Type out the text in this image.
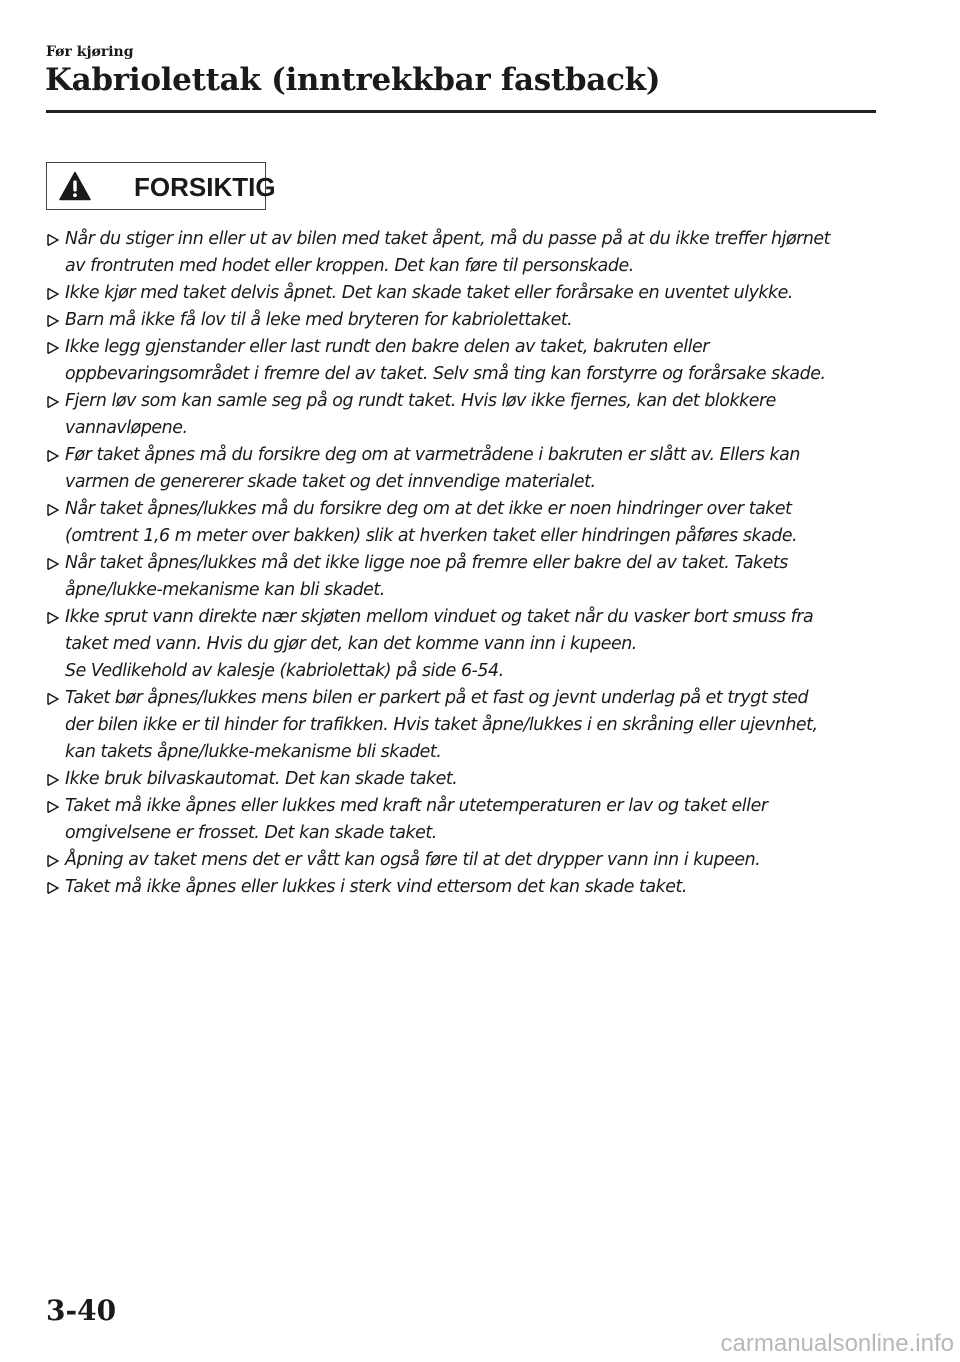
Før kjøring
Kabriolettak (inntrekkbar fastback)
FORSIKTIG
Når du stiger inn eller ut av bilen med taket åpent, må du passe på at du ikke treffer hjørnet
av frontruten med hodet eller kroppen. Det kan føre til personskade.
Ikke kjør med taket delvis åpnet. Det kan skade taket eller forårsake en uventet ulykke.
Barn må ikke få lov til å leke med bryteren for kabriolettaket.
Ikke legg gjenstander eller last rundt den bakre delen av taket, bakruten eller
oppbevaringsområdet i fremre del av taket. Selv små ting kan forstyrre og forårsake skade.
Fjern løv som kan samle seg på og rundt taket. Hvis løv ikke fjernes, kan det blokkere
vannavløpene.
Før taket åpnes må du forsikre deg om at varmetrådene i bakruten er slått av. Ellers kan
varmen de genererer skade taket og det innvendige materialet.
Når taket åpnes/lukkes må du forsikre deg om at det ikke er noen hindringer over taket
(omtrent 1,6 m meter over bakken) slik at hverken taket eller hindringen påføres skade.
Når taket åpnes/lukkes må det ikke ligge noe på fremre eller bakre del av taket. Takets
åpne/lukke-mekanisme kan bli skadet.
Ikke sprut vann direkte nær skjøten mellom vinduet og taket når du vasker bort smuss fra
taket med vann. Hvis du gjør det, kan det komme vann inn i kupeen.
Se Vedlikehold av kalesje (kabriolettak) på side 6-54.
Taket bør åpnes/lukkes mens bilen er parkert på et fast og jevnt underlag på et trygt sted
der bilen ikke er til hinder for trafikken. Hvis taket åpne/lukkes i en skråning eller ujevnhet,
kan takets åpne/lukke-mekanisme bli skadet.
Ikke bruk bilvaskautomat. Det kan skade taket.
Taket må ikke åpnes eller lukkes med kraft når utetemperaturen er lav og taket eller
omgivelsene er frosset. Det kan skade taket.
Åpning av taket mens det er vått kan også føre til at det drypper vann inn i kupeen.
Taket må ikke åpnes eller lukkes i sterk vind ettersom det kan skade taket.
3-40
carmanualsonline.info
